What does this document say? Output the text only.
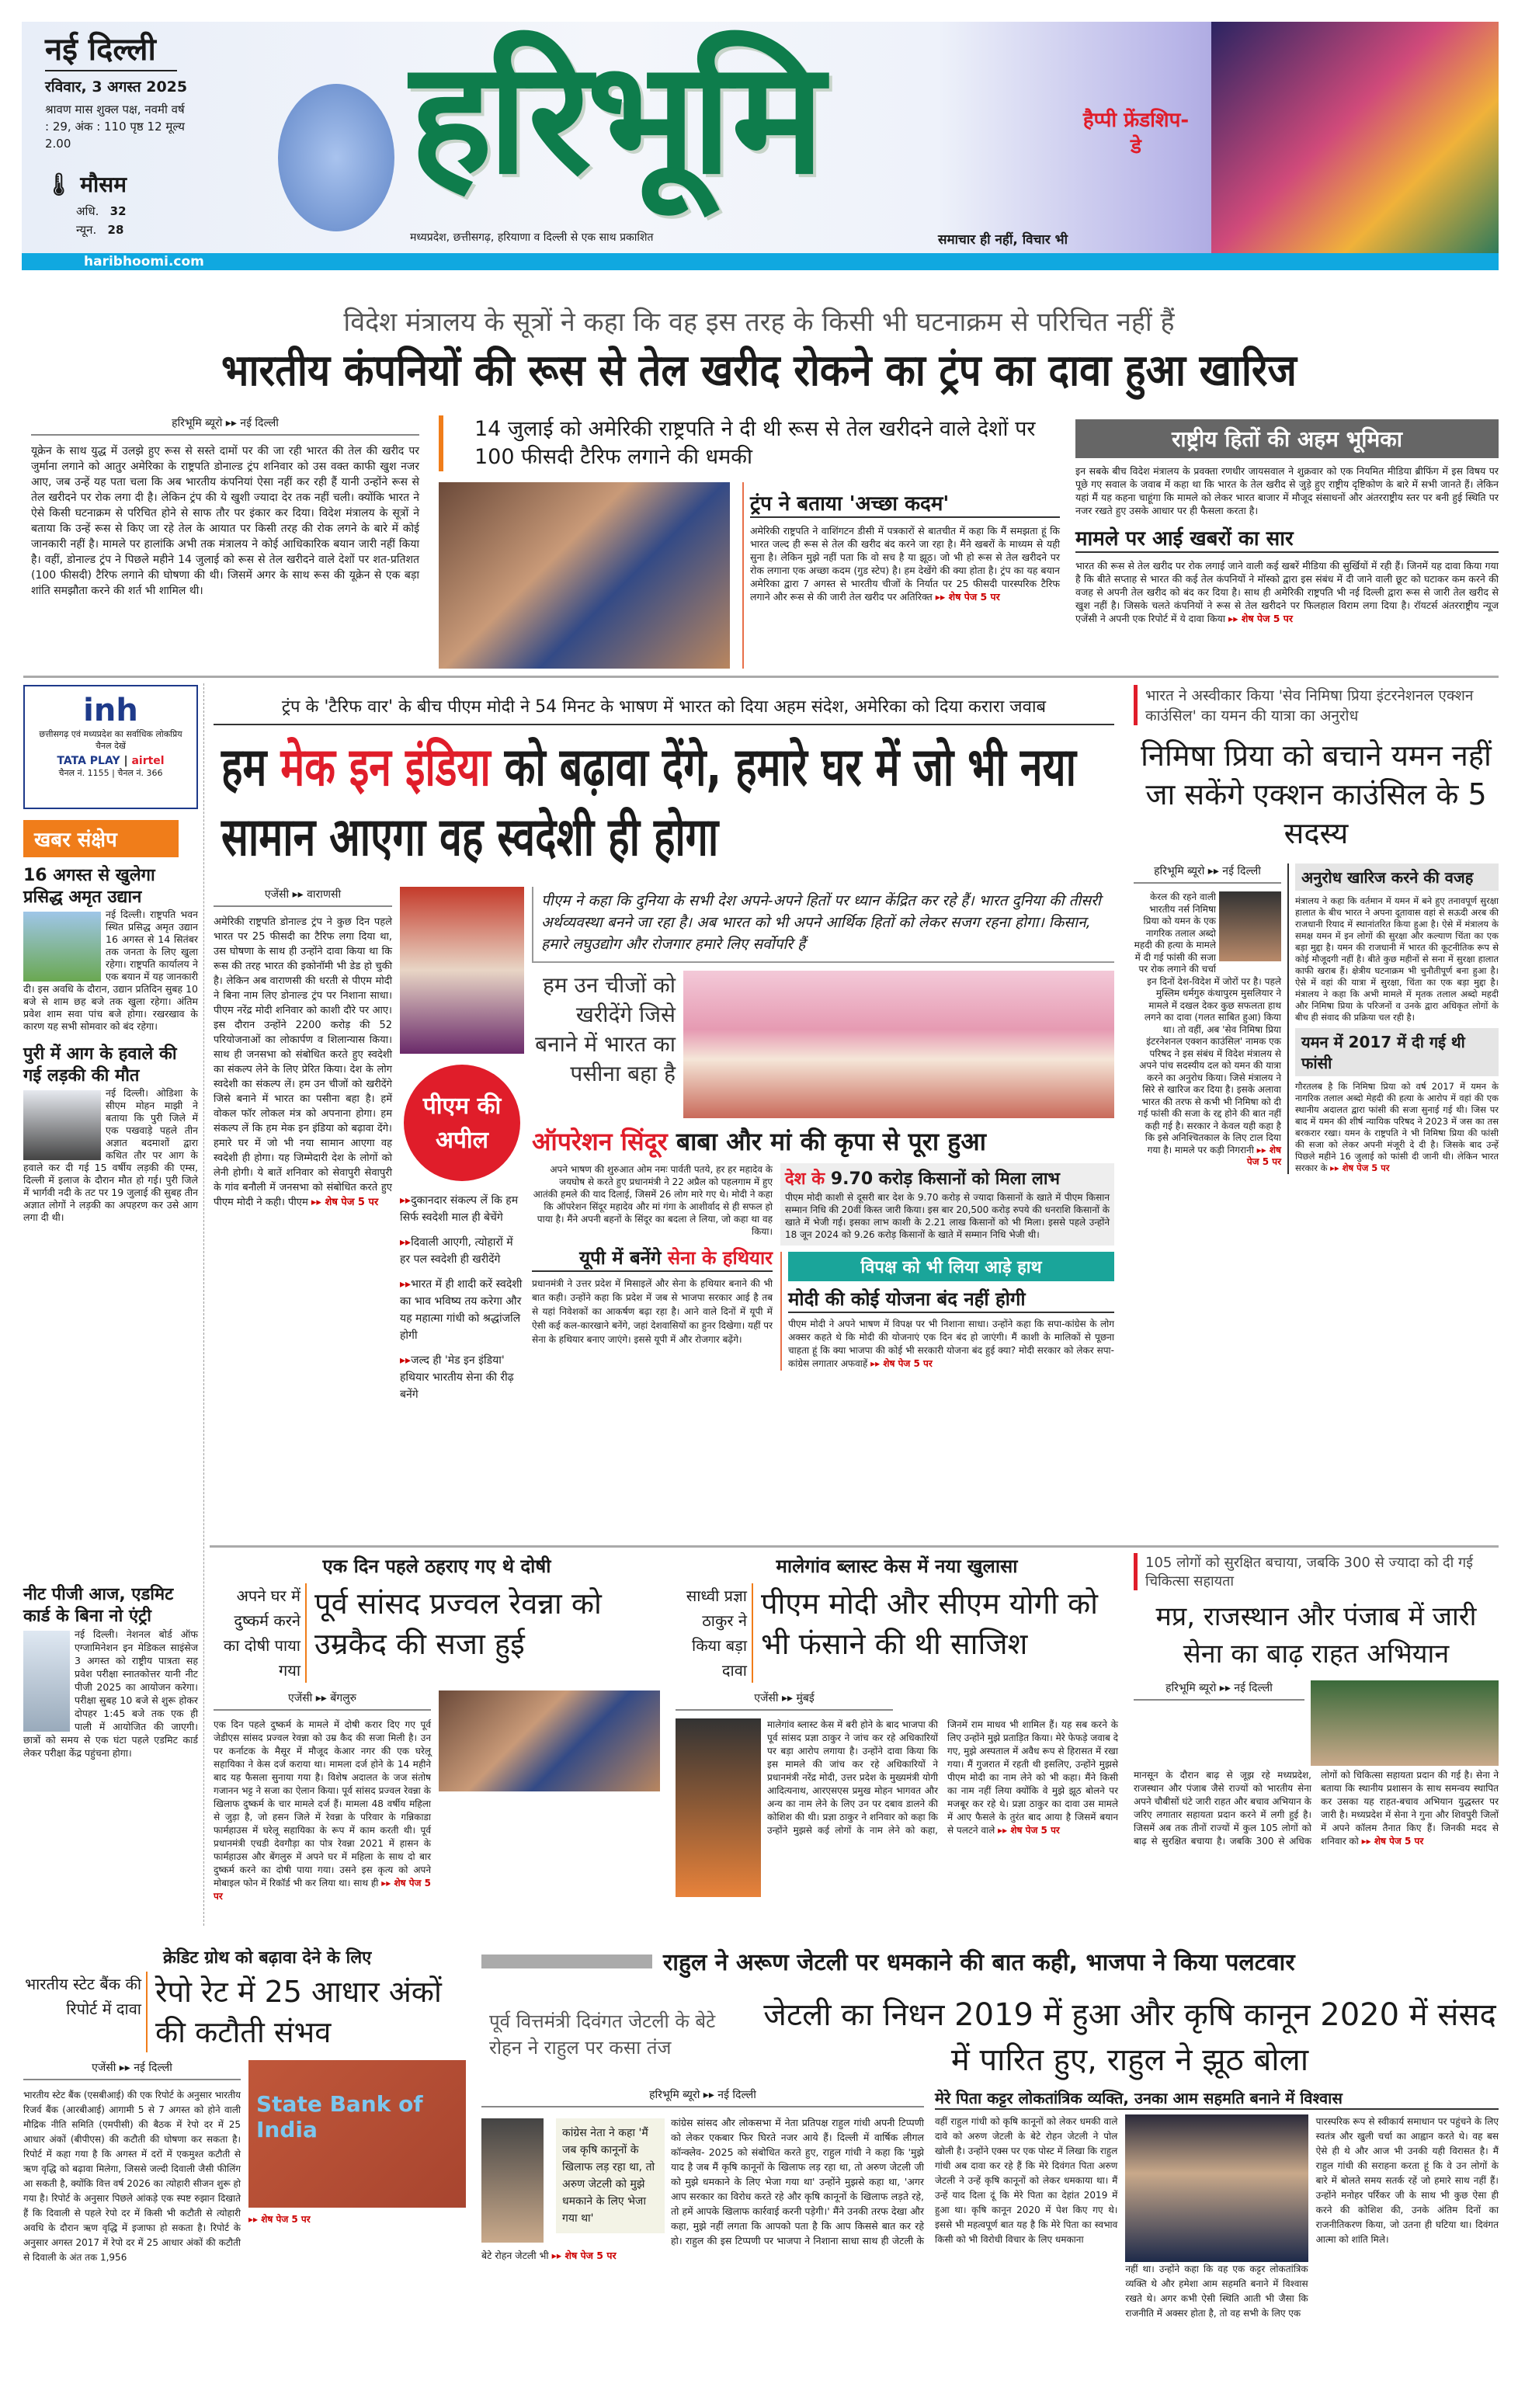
नई दिल्ली
रविवार, 3 अगस्त 2025
श्रावण मास शुक्ल पक्ष, नवमी वर्ष : 29, अंक : 110 पृष्ठ 12 मूल्य 2.00
🌡 मौसम
अधि. 32
न्यून. 28
हरिभूमि
मध्यप्रदेश, छत्तीसगढ़, हरियाणा व दिल्ली से एक साथ प्रकाशित	समाचार ही नहीं, विचार भी
हैप्पी फ्रेंडशिप-डे
haribhoomi.com
विदेश मंत्रालय के सूत्रों ने कहा कि वह इस तरह के किसी भी घटनाक्रम से परिचित नहीं हैं
भारतीय कंपनियों की रूस से तेल खरीद रोकने का ट्रंप का दावा हुआ खारिज
हरिभूमि ब्यूरो ▸▸ नई दिल्ली

यूक्रेन के साथ युद्ध में उलझे हुए रूस से सस्ते दामों पर की जा रही भारत की तेल की खरीद पर जुर्माना लगाने को आतुर अमेरिका के राष्ट्रपति डोनाल्ड ट्रंप शनिवार को उस वक्त काफी खुश नजर आए, जब उन्हें यह पता चला कि अब भारतीय कंपनियां ऐसा नहीं कर रही हैं यानी उन्होंने रूस से तेल खरीदने पर रोक लगा दी है। लेकिन ट्रंप की ये खुशी ज्यादा देर तक नहीं चली। क्योंकि भारत ने ऐसे किसी घटनाक्रम से परिचित होने से साफ तौर पर इंकार कर दिया। विदेश मंत्रालय के सूत्रों ने बताया कि उन्हें रूस से किए जा रहे तेल के आयात पर किसी तरह की रोक लगने के बारे में कोई जानकारी नहीं है। मामले पर हालांकि अभी तक मंत्रालय ने कोई आधिकारिक बयान जारी नहीं किया है। वहीं, डोनाल्ड ट्रंप ने पिछले महीने 14 जुलाई को रूस से तेल खरीदने वाले देशों पर शत-प्रतिशत (100 फीसदी) टैरिफ लगाने की घोषणा की थी। जिसमें अगर के साथ रूस की यूक्रेन से एक बड़ा शांति समझौता करने की शर्त भी शामिल थी।

14 जुलाई को अमेरिकी राष्ट्रपति ने दी थी रूस से तेल खरीदने वाले देशों पर 100 फीसदी टैरिफ लगाने की धमकी
ट्रंप ने बताया 'अच्छा कदम'

अमेरिकी राष्ट्रपति ने वाशिंगटन डीसी में पत्रकारों से बातचीत में कहा कि मैं समझता हूं कि भारत जल्द ही रूस से तेल की खरीद बंद करने जा रहा है। मैंने खबरों के माध्यम से यही सुना है। लेकिन मुझे नहीं पता कि वो सच है या झूठ। जो भी हो रूस से तेल खरीदने पर रोक लगाना एक अच्छा कदम (गुड स्टेप) है। हम देखेंगे की क्या होता है। ट्रंप का यह बयान अमेरिका द्वारा 7 अगस्त से भारतीय चीजों के निर्यात पर 25 फीसदी पारस्परिक टैरिफ लगाने और रूस से की जारी तेल खरीद पर अतिरिक्त ▸▸ शेष पेज 5 पर

राष्ट्रीय हितों की अहम भूमिका

इन सबके बीच विदेश मंत्रालय के प्रवक्ता रणधीर जायसवाल ने शुक्रवार को एक नियमित मीडिया ब्रीफिंग में इस विषय पर पूछे गए सवाल के जवाब में कहा था कि भारत के तेल खरीद से जुड़े हुए राष्ट्रीय दृष्टिकोण के बारे में सभी जानते हैं। लेकिन यहां मैं यह कहना चाहूंगा कि मामले को लेकर भारत बाजार में मौजूद संसाधनों और अंतरराष्ट्रीय स्तर पर बनी हुई स्थिति पर नजर रखते हुए उसके आधार पर ही फैसला करता है।

मामले पर आई खबरों का सार

भारत की रूस से तेल खरीद पर रोक लगाई जाने वाली कई खबरें मीडिया की सुर्खियों में रही हैं। जिनमें यह दावा किया गया है कि बीते सप्ताह से भारत की कई तेल कंपनियों ने मॉस्को द्वारा इस संबंध में दी जाने वाली छूट को घटाकर कम करने की वजह से अपनी तेल खरीद को बंद कर दिया है। साथ ही अमेरिकी राष्ट्रपति भी नई दिल्ली द्वारा रूस से जारी तेल खरीद से खुश नहीं है। जिसके चलते कंपनियों ने रूस से तेल खरीदने पर फिलहाल विराम लगा दिया है। रॉयटर्स अंतरराष्ट्रीय न्यूज एजेंसी ने अपनी एक रिपोर्ट में ये दावा किया ▸▸ शेष पेज 5 पर

inh
छत्तीसगढ़ एवं मध्यप्रदेश का सर्वाधिक लोकप्रिय चैनल देखें
TATA PLAY | airtel
चैनल नं. 1155 | चैनल नं. 366
खबर संक्षेप
16 अगस्त से खुलेगा प्रसिद्ध अमृत उद्यान

नई दिल्ली। राष्ट्रपति भवन स्थित प्रसिद्ध अमृत उद्यान 16 अगस्त से 14 सितंबर तक जनता के लिए खुला रहेगा। राष्ट्रपति कार्यालय ने एक बयान में यह जानकारी दी। इस अवधि के दौरान, उद्यान प्रतिदिन सुबह 10 बजे से शाम छह बजे तक खुला रहेगा। अंतिम प्रवेश शाम सवा पांच बजे होगा। रखरखाव के कारण यह सभी सोमवार को बंद रहेगा।

पुरी में आग के हवाले की गई लड़की की मौत

नई दिल्ली। ओडिशा के सीएम मोहन माझी ने बताया कि पुरी जिले में एक पखवाड़े पहले तीन अज्ञात बदमाशों द्वारा कथित तौर पर आग के हवाले कर दी गई 15 वर्षीय लड़की की एम्स, दिल्ली में इलाज के दौरान मौत हो गई। पुरी जिले में भार्गवी नदी के तट पर 19 जुलाई की सुबह तीन अज्ञात लोगों ने लड़की का अपहरण कर उसे आग लगा दी थी।

नीट पीजी आज, एडमिट कार्ड के बिना नो एंट्री

नई दिल्ली। नेशनल बोर्ड ऑफ एग्जामिनेशन इन मेडिकल साइंसेज 3 अगस्त को राष्ट्रीय पात्रता सह प्रवेश परीक्षा स्नातकोत्तर यानी नीट पीजी 2025 का आयोजन करेगा। परीक्षा सुबह 10 बजे से शुरू होकर दोपहर 1:45 बजे तक एक ही पाली में आयोजित की जाएगी। छात्रों को समय से एक घंटा पहले एडमिट कार्ड लेकर परीक्षा केंद्र पहुंचना होगा।

ट्रंप के 'टैरिफ वार' के बीच पीएम मोदी ने 54 मिनट के भाषण में भारत को दिया अहम संदेश, अमेरिका को दिया करारा जवाब
हम मेक इन इंडिया को बढ़ावा देंगे, हमारे घर में जो भी नया सामान आएगा वह स्वदेशी ही होगा
एजेंसी ▸▸ वाराणसी

अमेरिकी राष्ट्रपति डोनाल्ड ट्रंप ने कुछ दिन पहले भारत पर 25 फीसदी का टैरिफ लगा दिया था, उस घोषणा के साथ ही उन्होंने दावा किया था कि रूस की तरह भारत की इकोनॉमी भी डेड हो चुकी है। लेकिन अब वाराणसी की धरती से पीएम मोदी ने बिना नाम लिए डोनाल्ड ट्रंप पर निशाना साधा। पीएम नरेंद्र मोदी शनिवार को काशी दौरे पर आए। इस दौरान उन्होंने 2200 करोड़ की 52 परियोजनाओं का लोकार्पण व शिलान्यास किया। साथ ही जनसभा को संबोधित करते हुए स्वदेशी का संकल्प लेने के लिए प्रेरित किया। देश के लोग स्वदेशी का संकल्प लें। हम उन चीजों को खरीदेंगे जिसे बनाने में भारत का पसीना बहा है। हमें वोकल फॉर लोकल मंत्र को अपनाना होगा। हम संकल्प लें कि हम मेक इन इंडिया को बढ़ावा देंगे। हमारे घर में जो भी नया सामान आएगा वह स्वदेशी ही होगा। यह जिम्मेदारी देश के लोगों को लेनी होगी। ये बातें शनिवार को सेवापुरी सेवापुरी के गांव बनौली में जनसभा को संबोधित करते हुए पीएम मोदी ने कही। पीएम ▸▸ शेष पेज 5 पर

पीएम की अपील
▸▸दुकानदार संकल्प लें कि हम सिर्फ स्वदेशी माल ही बेचेंगे
▸▸दिवाली आएगी, त्योहारों में हर पल स्वदेशी ही खरीदेंगे
▸▸भारत में ही शादी करें स्वदेशी का भाव भविष्य तय करेगा और यह महात्मा गांधी को श्रद्धांजलि होगी
▸▸जल्द ही 'मेड इन इंडिया' हथियार भारतीय सेना की रीढ़ बनेंगे
पीएम ने कहा कि दुनिया के सभी देश अपने-अपने हितों पर ध्यान केंद्रित कर रहे हैं। भारत दुनिया की तीसरी अर्थव्यवस्था बनने जा रहा है। अब भारत को भी अपने आर्थिक हितों को लेकर सजग रहना होगा। किसान, हमारे लघुउद्योग और रोजगार हमारे लिए सर्वोपरि हैं
हम उन चीजों को खरीदेंगे जिसे बनाने में भारत का पसीना बहा है
ऑपरेशन सिंदूर बाबा और मां की कृपा से पूरा हुआ

अपने भाषण की शुरुआत ओम नमः पार्वती पतये, हर हर महादेव के जयघोष से करते हुए प्रधानमंत्री ने 22 अप्रैल को पहलगाम में हुए आतंकी हमले की याद दिलाई, जिसमें 26 लोग मारे गए थे। मोदी ने कहा कि ऑपरेशन सिंदूर महादेव और मां गंगा के आशीर्वाद से ही सफल हो पाया है। मैंने अपनी बहनों के सिंदूर का बदला ले लिया, जो कहा था वह किया।

यूपी में बनेंगे सेना के हथियार

प्रधानमंत्री ने उत्तर प्रदेश में मिसाइलें और सेना के हथियार बनाने की भी बात कही। उन्होंने कहा कि प्रदेश में जब से भाजपा सरकार आई है तब से यहां निवेशकों का आकर्षण बढ़ा रहा है। आने वाले दिनों में यूपी में ऐसी कई कल-कारखाने बनेंगे, जहां देशवासियों का हुनर दिखेगा। यहीं पर सेना के हथियार बनाए जाएंगे। इससे यूपी में और रोजगार बढ़ेंगे।

देश के 9.70 करोड़ किसानों को मिला लाभ

पीएम मोदी काशी से दूसरी बार देश के 9.70 करोड़ से ज्यादा किसानों के खाते में पीएम किसान सम्मान निधि की 20वीं किस्त जारी किया। इस बार 20,500 करोड़ रुपये की धनराशि किसानों के खाते में भेजी गई। इसका लाभ काशी के 2.21 लाख किसानों को भी मिला। इससे पहले उन्होंने 18 जून 2024 को 9.26 करोड़ किसानों के खाते में सम्मान निधि भेजी थी।

विपक्ष को भी लिया आड़े हाथ
मोदी की कोई योजना बंद नहीं होगी

पीएम मोदी ने अपने भाषण में विपक्ष पर भी निशाना साधा। उन्होंने कहा कि सपा-कांग्रेस के लोग अक्सर कहते थे कि मोदी की योजनाएं एक दिन बंद हो जाएंगी। मैं काशी के मालिकों से पूछना चाहता हूं कि क्या भाजपा की कोई भी सरकारी योजना बंद हुई क्या? मोदी सरकार को लेकर सपा-कांग्रेस लगातार अफवाहें ▸▸ शेष पेज 5 पर

भारत ने अस्वीकार किया 'सेव निमिषा प्रिया इंटरनेशनल एक्शन काउंसिल' का यमन की यात्रा का अनुरोध
निमिषा प्रिया को बचाने यमन नहीं जा सकेंगे एक्शन काउंसिल के 5 सदस्य
हरिभूमि ब्यूरो ▸▸ नई दिल्ली

केरल की रहने वाली भारतीय नर्स निमिषा प्रिया को यमन के एक नागरिक तलाल अब्दो महदी की हत्या के मामले में दी गई फांसी की सजा पर रोक लगाने की चर्चा इन दिनों देश-विदेश में जोरों पर है। पहले मुस्लिम धर्मगुरु कंथापुरम मुसलियार ने मामले में दखल देकर कुछ सफलता हाथ लगने का दावा (गलत साबित हुआ) किया था। तो वहीं, अब 'सेव निमिषा प्रिया इंटरनेशनल एक्शन काउंसिल' नामक एक परिषद ने इस संबंध में विदेश मंत्रालय से अपने पांच सदस्यीय दल को यमन की यात्रा करने का अनुरोध किया। जिसे मंत्रालय ने सिरे से खारिज कर दिया है। इसके अलावा भारत की तरफ से कभी भी निमिषा को दी गई फांसी की सजा के रद्द होने की बात नहीं कही गई है। सरकार ने केवल यही कहा है कि इसे अनिश्चितकाल के लिए टाल दिया गया है। मामले पर कड़ी निगरानी ▸▸ शेष पेज 5 पर

अनुरोध खारिज करने की वजह

मंत्रालय ने कहा कि वर्तमान में यमन में बने हुए तनावपूर्ण सुरक्षा हालात के बीच भारत ने अपना दूतावास वहां से सऊदी अरब की राजधानी रियाद में स्थानांतरित किया हुआ है। ऐसे में मंत्रालय के समक्ष यमन में इन लोगों की सुरक्षा और कल्याण चिंता का एक बड़ा मुद्दा है। यमन की राजधानी में भारत की कूटनीतिक रूप से कोई मौजूदगी नहीं है। बीते कुछ महीनों से सना में सुरक्षा हालात काफी खराब हैं। क्षेत्रीय घटनाक्रम भी चुनौतीपूर्ण बना हुआ है। ऐसे में वहां की यात्रा में सुरक्षा, चिंता का एक बड़ा मुद्दा है। मंत्रालय ने कहा कि अभी मामले में मृतक तलाल अब्दो महदी और निमिषा प्रिया के परिजनों व उनके द्वारा अधिकृत लोगों के बीच ही संवाद की प्रक्रिया चल रही है।

यमन में 2017 में दी गई थी फांसी

गौरतलब है कि निमिषा प्रिया को वर्ष 2017 में यमन के नागरिक तलाल अब्दो मेहदी की हत्या के आरोप में वहां की एक स्थानीय अदालत द्वारा फांसी की सजा सुनाई गई थी। जिस पर बाद में यमन की शीर्ष न्यायिक परिषद ने 2023 में जस का तस बरकरार रखा। यमन के राष्ट्रपति ने भी निमिषा प्रिया की फांसी की सजा को लेकर अपनी मंजूरी दे दी है। जिसके बाद उन्हें पिछले महीने 16 जुलाई को फांसी दी जानी थी। लेकिन भारत सरकार के ▸▸ शेष पेज 5 पर

एक दिन पहले ठहराए गए थे दोषी
अपने घर में दुष्कर्म करने का दोषी पाया गया
पूर्व सांसद प्रज्वल रेवन्ना को उम्रकैद की सजा हुई
एजेंसी ▸▸ बेंगलुरु

एक दिन पहले दुष्कर्म के मामले में दोषी करार दिए गए पूर्व जेडीएस सांसद प्रज्वल रेवन्ना को उम्र कैद की सजा मिली है। उन पर कर्नाटक के मैसूर में मौजूद केआर नगर की एक घरेलू सहायिका ने केस दर्ज कराया था। मामला दर्ज होने के 14 महीने बाद यह फैसला सुनाया गया है। विशेष अदालत के जज संतोष गजानन भट्ट ने सजा का ऐलान किया। पूर्व सांसद प्रज्वल रेवन्ना के खिलाफ दुष्कर्म के चार मामले दर्ज हैं। मामला 48 वर्षीय महिला से जुड़ा है, जो हसन जिले में रेवन्ना के परिवार के गन्निकाडा फार्महाउस में घरेलू सहायिका के रूप में काम करती थी। पूर्व प्रधानमंत्री एचडी देवगौड़ा का पोत्र रेवन्ना 2021 में हासन के फार्महाउस और बेंगलुरु में अपने घर में महिला के साथ दो बार दुष्कर्म करने का दोषी पाया गया। उसने इस कृत्य को अपने मोबाइल फोन में रिकॉर्ड भी कर लिया था। साथ ही ▸▸ शेष पेज 5 पर

मालेगांव ब्लास्ट केस में नया खुलासा
साध्वी प्रज्ञा ठाकुर ने किया बड़ा दावा
पीएम मोदी और सीएम योगी को भी फंसाने की थी साजिश
एजेंसी ▸▸ मुंबई

मालेगांव ब्लास्ट केस में बरी होने के बाद भाजपा की पूर्व सांसद प्रज्ञा ठाकुर ने जांच कर रहे अधिकारियों पर बड़ा आरोप लगाया है। उन्होंने दावा किया कि इस मामले की जांच कर रहे अधिकारियों ने प्रधानमंत्री नरेंद्र मोदी, उत्तर प्रदेश के मुख्यमंत्री योगी आदित्यनाथ, आरएसएस प्रमुख मोहन भागवत और अन्य का नाम लेने के लिए उन पर दबाव डालने की कोशिश की थी। प्रज्ञा ठाकुर ने शनिवार को कहा कि उन्होंने मुझसे कई लोगों के नाम लेने को कहा, जिनमें राम माधव भी शामिल हैं। यह सब करने के लिए उन्होंने मुझे प्रताड़ित किया। मेरे फेफड़े जवाब दे गए, मुझे अस्पताल में अवैध रूप से हिरासत में रखा गया। मैं गुजरात में रहती थी इसलिए, उन्होंने मुझसे पीएम मोदी का नाम लेने को भी कहा। मैंने किसी का नाम नहीं लिया क्योंकि वे मुझे झूठ बोलने पर मजबूर कर रहे थे। प्रज्ञा ठाकुर का दावा उस मामले में आए फैसले के तुरंत बाद आया है जिसमें बयान से पलटने वाले ▸▸ शेष पेज 5 पर

105 लोगों को सुरक्षित बचाया, जबकि 300 से ज्यादा को दी गई चिकित्सा सहायता
मप्र, राजस्थान और पंजाब में जारी सेना का बाढ़ राहत अभियान
हरिभूमि ब्यूरो ▸▸ नई दिल्ली

मानसून के दौरान बाढ़ से जूझ रहे मध्यप्रदेश, राजस्थान और पंजाब जैसे राज्यों को भारतीय सेना अपने चौबीसों घंटे जारी राहत और बचाव अभियान के जरिए लगातार सहायता प्रदान करने में लगी हुई है। जिसमें अब तक तीनों राज्यों में कुल 105 लोगों को बाढ़ से सुरक्षित बचाया है। जबकि 300 से अधिक लोगों को चिकित्सा सहायता प्रदान की गई है। सेना ने बताया कि स्थानीय प्रशासन के साथ समन्वय स्थापित कर उसका यह राहत-बचाव अभियान युद्धस्तर पर जारी है। मध्यप्रदेश में सेना ने गुना और शिवपुरी जिलों में अपने कॉलम तैनात किए हैं। जिनकी मदद से शनिवार को ▸▸ शेष पेज 5 पर

क्रेडिट ग्रोथ को बढ़ावा देने के लिए
भारतीय स्टेट बैंक की रिपोर्ट में दावा रेपो रेट में 25 आधार अंकों की कटौती संभव
एजेंसी ▸▸ नई दिल्ली

भारतीय स्टेट बैंक (एसबीआई) की एक रिपोर्ट के अनुसार भारतीय रिजर्व बैंक (आरबीआई) आगामी 5 से 7 अगस्त को होने वाली मौद्रिक नीति समिति (एमपीसी) की बैठक में रेपो दर में 25 आधार अंकों (बीपीएस) की कटौती की घोषणा कर सकता है। रिपोर्ट में कहा गया है कि अगस्त में दरों में एकमुश्त कटौती से ऋण वृद्धि को बढ़ावा मिलेगा, जिससे जल्दी दिवाली जैसी फीलिंग आ सकती है, क्योंकि वित्त वर्ष 2026 का त्योहारी सीजन शुरू हो गया है। रिपोर्ट के अनुसार पिछले आंकड़े एक स्पष्ट रुझान दिखाते हैं कि दिवाली से पहले रेपो दर में किसी भी कटौती से त्योहारी अवधि के दौरान ऋण वृद्धि में इजाफा हो सकता है। रिपोर्ट के अनुसार अगस्त 2017 में रेपो दर में 25 आधार अंकों की कटौती से दिवाली के अंत तक 1,956

State Bank of India

▸▸ शेष पेज 5 पर

राहुल ने अरूण जेटली पर धमकाने की बात कही, भाजपा ने किया पलटवार
पूर्व वित्तमंत्री दिवंगत जेटली के बेटे रोहन ने राहुल पर कसा तंज
जेटली का निधन 2019 में हुआ और कृषि कानून 2020 में संसद में पारित हुए, राहुल ने झूठ बोला
हरिभूमि ब्यूरो ▸▸ नई दिल्ली
कांग्रेस नेता ने कहा 'मैं जब कृषि कानूनों के खिलाफ लड़ रहा था, तो अरुण जेटली को मुझे धमकाने के लिए भेजा गया था'

कांग्रेस सांसद और लोकसभा में नेता प्रतिपक्ष राहुल गांधी अपनी टिप्पणी को लेकर एकबार फिर घिरते नजर आये हैं। दिल्ली में वार्षिक लीगल कॉन्क्लेव- 2025 को संबोधित करते हुए, राहुल गांधी ने कहा कि 'मुझे याद है जब मैं कृषि कानूनों के खिलाफ लड़ रहा था, तो अरुण जेटली जी को मुझे धमकाने के लिए भेजा गया था' उन्होंने मुझसे कहा था, 'अगर आप सरकार का विरोध करते रहे और कृषि कानूनों के खिलाफ लड़ते रहे, तो हमें आपके खिलाफ कार्रवाई करनी पड़ेगी।' मैंने उनकी तरफ देखा और कहा, मुझे नहीं लगता कि आपको पता है कि आप किससे बात कर रहे हो। राहुल की इस टिप्पणी पर भाजपा ने निशाना साधा साथ ही जेटली के बेटे रोहन जेटली भी ▸▸ शेष पेज 5 पर

मेरे पिता कट्टर लोकतांत्रिक व्यक्ति, उनका आम सहमति बनाने में विश्वास

वहीं राहुल गांधी को कृषि कानूनों को लेकर धमकी वाले दावे को अरुण जेटली के बेटे रोहन जेटली ने पोल खोली है। उन्होंने एक्स पर एक पोस्ट में लिखा कि राहुल गांधी अब दावा कर रहे हैं कि मेरे दिवंगत पिता अरुण जेटली ने उन्हें कृषि कानूनों को लेकर धमकाया था। मैं उन्हें याद दिला दूं कि मेरे पिता का देहांत 2019 में हुआ था। कृषि कानून 2020 में पेश किए गए थे। इससे भी महत्वपूर्ण बात यह है कि मेरे पिता का स्वभाव किसी को भी विरोधी विचार के लिए धमकाना

नहीं था। उन्होंने कहा कि वह एक कट्टर लोकतांत्रिक व्यक्ति थे और हमेशा आम सहमति बनाने में विश्वास रखते थे। अगर कभी ऐसी स्थिति आती भी जैसा कि राजनीति में अक्सर होता है, तो वह सभी के लिए एक

पारस्परिक रूप से स्वीकार्य समाधान पर पहुंचने के लिए स्वतंत्र और खुली चर्चा का आह्वान करते थे। वह बस ऐसे ही थे और आज भी उनकी यही विरासत है। मैं राहुल गांधी की सराहना करता हूं कि वे उन लोगों के बारे में बोलते समय सतर्क रहें जो हमारे साथ नहीं हैं। उन्होंने मनोहर पर्रिकर जी के साथ भी कुछ ऐसा ही करने की कोशिश की, उनके अंतिम दिनों का राजनीतिकरण किया, जो उतना ही घटिया था। दिवंगत आत्मा को शांति मिले।
